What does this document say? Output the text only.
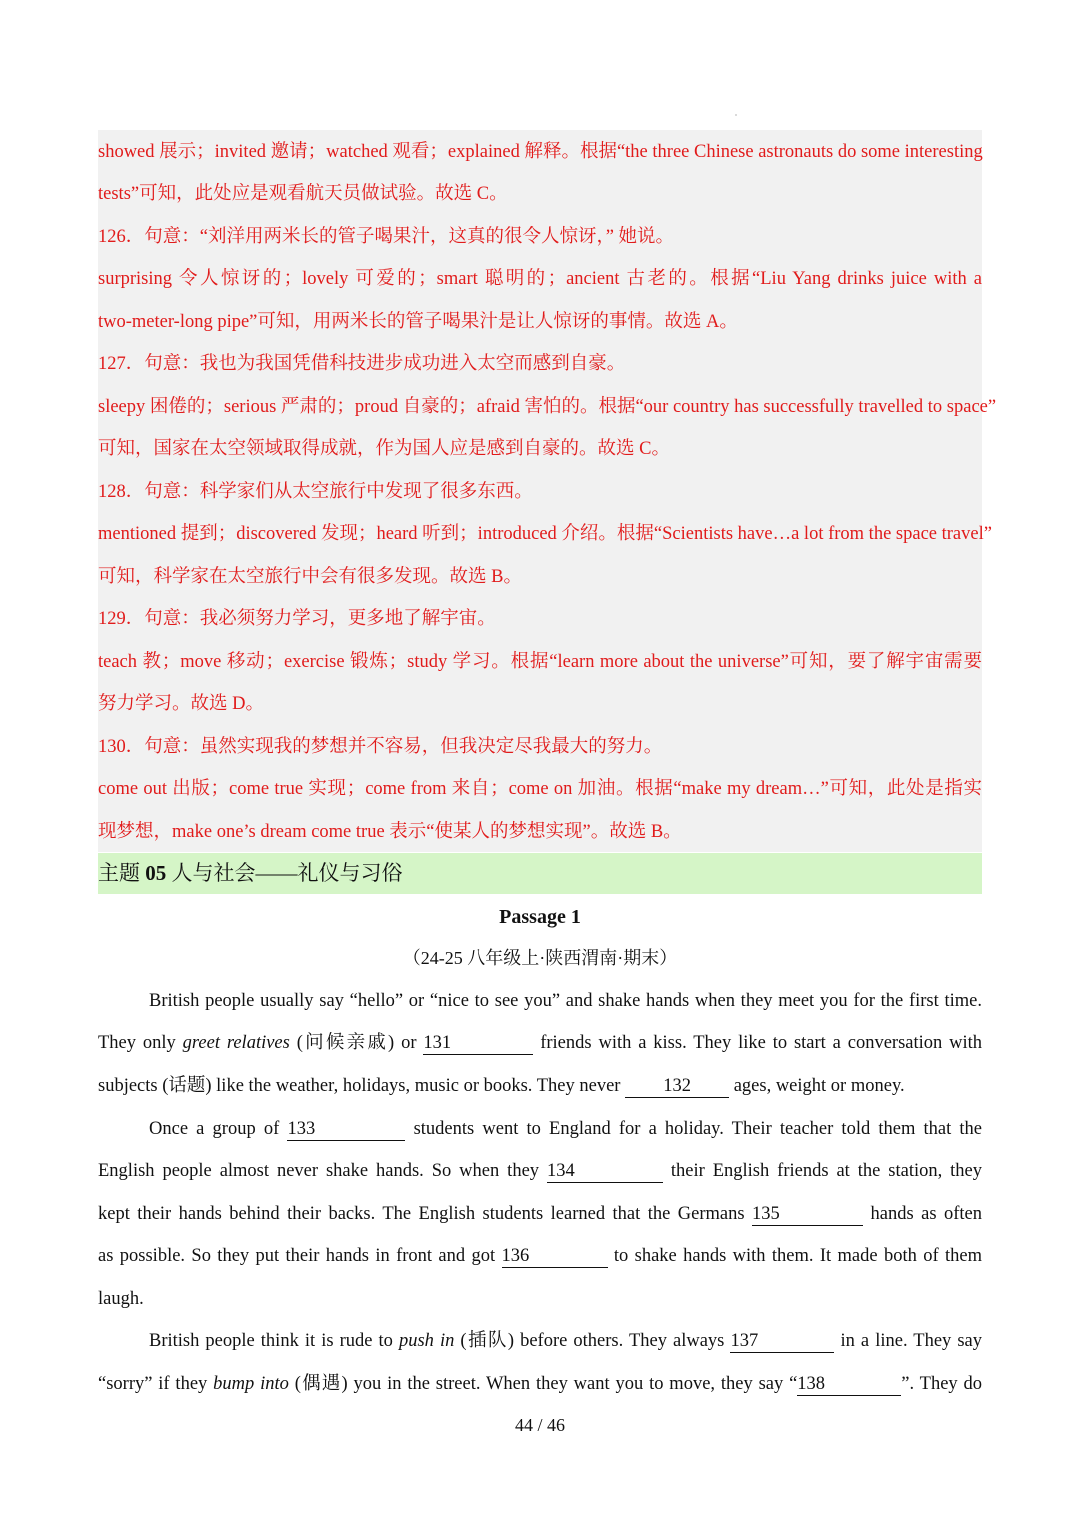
showed 展示；invited 邀请；watched 观看；explained 解释。根据“the three Chinese astronauts do some interesting
tests”可知，此处应是观看航天员做试验。故选 C。
126．句意：“刘洋用两米长的管子喝果汁，这真的很令人惊讶，” 她说。
surprising 令人惊讶的；lovely 可爱的；smart 聪明的；ancient 古老的。根据“Liu Yang drinks juice with a
two-meter-long pipe”可知，用两米长的管子喝果汁是让人惊讶的事情。故选 A。
127．句意：我也为我国凭借科技进步成功进入太空而感到自豪。
sleepy 困倦的；serious 严肃的；proud 自豪的；afraid 害怕的。根据“our country has successfully travelled to space”
可知，国家在太空领域取得成就，作为国人应是感到自豪的。故选 C。
128．句意：科学家们从太空旅行中发现了很多东西。
mentioned 提到；discovered 发现；heard 听到；introduced 介绍。根据“Scientists have…a lot from the space travel”
可知，科学家在太空旅行中会有很多发现。故选 B。
129．句意：我必须努力学习，更多地了解宇宙。
teach 教；move 移动；exercise 锻炼；study 学习。根据“learn more about the universe”可知，要了解宇宙需要
努力学习。故选 D。
130．句意：虽然实现我的梦想并不容易，但我决定尽我最大的努力。
come out 出版；come true 实现；come from 来自；come on 加油。根据“make my dream…”可知，此处是指实
现梦想，make one’s dream come true 表示“使某人的梦想实现”。故选 B。
主题 05 人与社会——礼仪与习俗
Passage 1
（24-25 八年级上·陕西渭南·期末）
British people usually say “hello” or “nice to see you” and shake hands when they meet you for the first time.
They only greet relatives (问候亲戚) or 131	friends with a kiss. They like to start a conversation with
subjects (话题) like the weather, holidays, music or books. They never 132 ages, weight or money.
Once a group of 133	students went to England for a holiday. Their teacher told them that the
English people almost never shake hands. So when they 134	their English friends at the station, they
kept their hands behind their backs. The English students learned that the Germans 135	hands as often
as possible. So they put their hands in front and got 136	to shake hands with them. It made both of them
laugh.
British people think it is rude to push in (插队) before others. They always 137	in a line. They say
“sorry” if they bump into (偶遇) you in the street. When they want you to move, they say “138	”. They do
44 / 46
